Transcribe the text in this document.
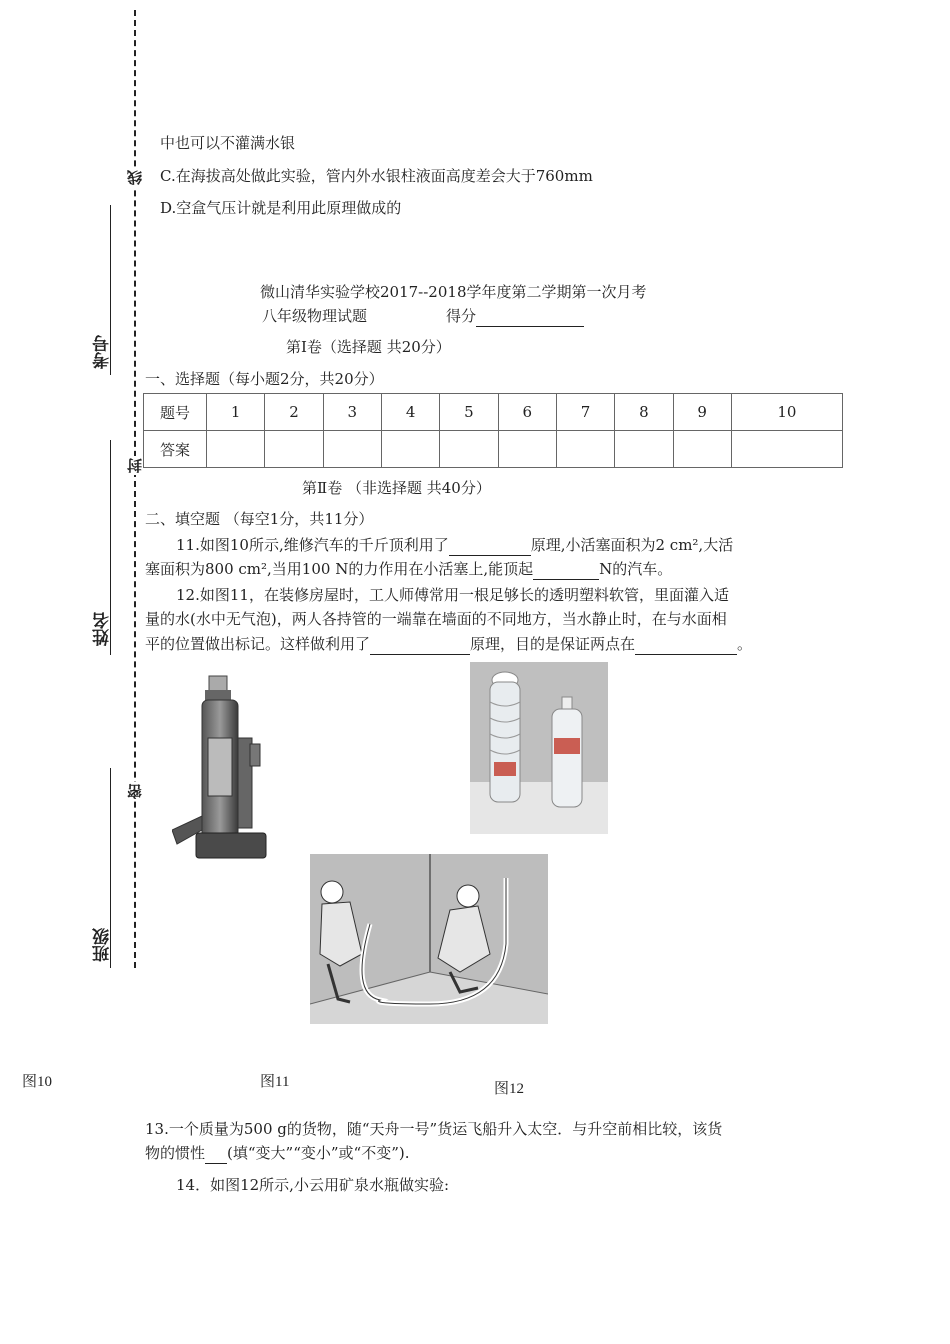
考号
姓名
班级
线
封
密
中也可以不灌满水银
C.在海拔高处做此实验，管内外水银柱液面高度差会大于760mm
D.空盒气压计就是利用此原理做成的
微山清华实验学校2017--2018学年度第二学期第一次月考
八年级物理试题	得分
第Ⅰ卷（选择题 共20分）
一、选择题（每小题2分，共20分）
题号	1	2	3	4	5	6	7	8	9	10
答案										
第Ⅱ卷 （非选择题 共40分）
二、填空题 （每空1分，共11分）
11.如图10所示,维修汽车的千斤顶利用了	原理,小活塞面积为2 cm²,大活
塞面积为800 cm²,当用100 N的力作用在小活塞上,能顶起	N的汽车。
12.如图11，在装修房屋时，工人师傅常用一根足够长的透明塑料软管，里面灌入适
量的水(水中无气泡)，两人各持管的一端靠在墙面的不同地方，当水静止时，在与水面相
平的位置做出标记。这样做利用了	原理，目的是保证两点在	。
图10	图11	图12
13.一个质量为500 g的货物，随“天舟一号”货运飞船升入太空．与升空前相比较，该货
物的惯性 (填“变大”“变小”或“不变”).
14．如图12所示,小云用矿泉水瓶做实验:
